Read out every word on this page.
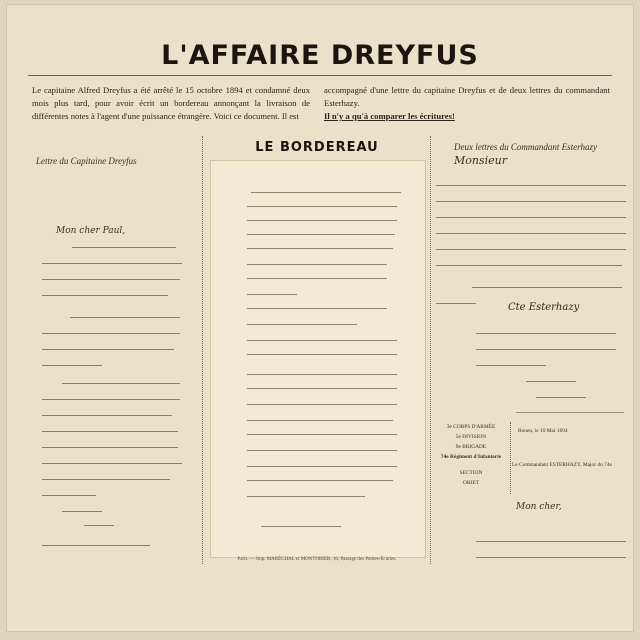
L'AFFAIRE DREYFUS
Le capitaine Alfred Dreyfus a été arrêté le 15 octobre 1894 et condamné deux mois plus tard, pour avoir écrit un bordereau annonçant la livraison de différentes notes à l'agent d'une puissance étrangère. Voici ce document. Il est
accompagné d'une lettre du capitaine Dreyfus et de deux lettres du commandant Esterhazy.
Il n'y a qu'à comparer les écritures!
Lettre du Capitaine Dreyfus
LE BORDEREAU	Deux lettres du Commandant Esterhazy
Mon cher Paul,
Paris. — Imp. MARÉCHAL et MONTORIER, 16, Passage des Petites-Écuries.
Monsieur
Cte Esterhazy
3e CORPS D'ARMÉE
5e DIVISION
9e BRIGADE
74e Régiment d'Infanterie
SECTION
OBJET
Rouen, le 10 Mai 1894
Le Commandant ESTERHAZY, Major du 74e
Mon cher,
